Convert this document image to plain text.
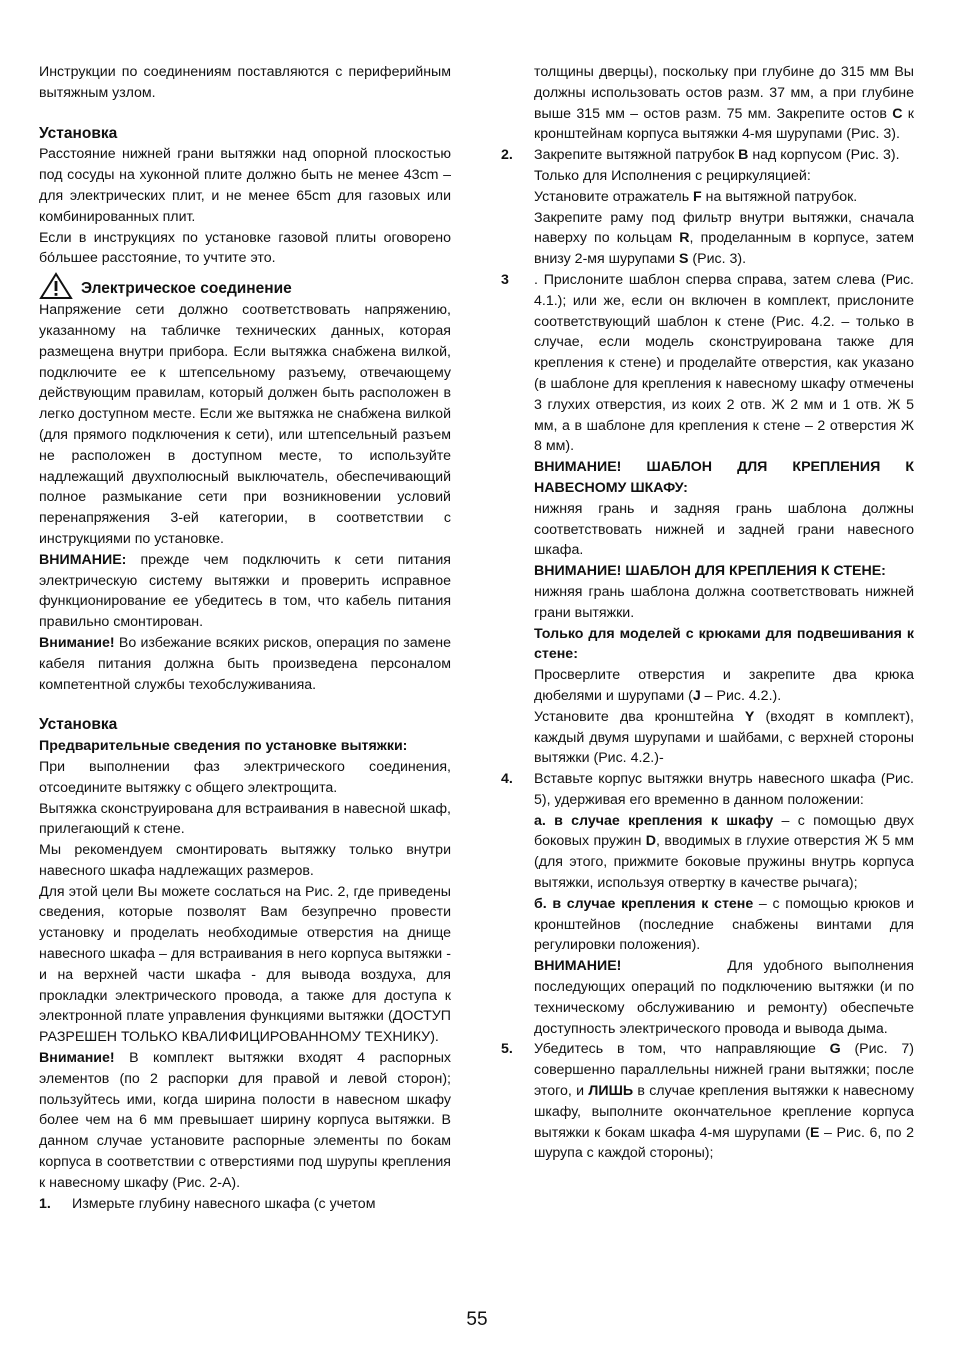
Инструкции по соединениям поставляются с периферийным вытяжным узлом.

Установка

Расстояние нижней грани вытяжки над опорной плоскостью под сосуды на хуконной плите должно быть не менее 43cm – для электрических плит, и не менее 65cm для газовых или комбинированных плит.

Если в инструкциях по установке газовой плиты оговорено бо́льшее расстояние, то учтите это.

Электрическое соединение

Напряжение сети должно соответствовать напряжению, указанному на табличке технических данных, которая размещена внутри прибора. Если вытяжка снабжена вилкой, подключите ее к штепсельному разъему, отвечающему действующим правилам, который должен быть расположен в легко доступном месте. Если же вытяжка не снабжена вилкой (для прямого подключения к сети), или штепсельный разъем не расположен в доступном месте, то используйте надлежащий двухполюсный выключатель, обеспечивающий полное размыкание сети при возникновении условий перенапряжения 3-ей категории, в соответствии с инструкциями по установке.

ВНИМАНИЕ: прежде чем подключить к сети питания электрическую систему вытяжки и проверить исправное функционирование ее убедитесь в том, что кабель питания правильно смонтирован.

Внимание! Во избежание всяких рисков, операция по замене кабеля питания должна быть произведена персоналом компетентной службы техобслуживанияа.

Установка

Предварительные сведения по установке вытяжки:

При выполнении фаз электрического соединения, отсоедините вытяжку с общего электрощита.

Вытяжка сконструирована для встраивания в навесной шкаф, прилегающий к стене.

Мы рекомендуем смонтировать вытяжку только внутри навесного шкафа надлежащих размеров.

Для этой цели Вы можете сослаться на Рис. 2, где приведены сведения, которые позволят Вам безупречно провести установку и проделать необходимые отверстия на днище навесного шкафа – для встраивания в него корпуса вытяжки - и на верхней части шкафа - для вывода воздуха, для прокладки электрического провода, а также для доступа к электронной плате управления функциями вытяжки (ДОСТУП РАЗРЕШЕН ТОЛЬКО КВАЛИФИЦИРОВАННОМУ ТЕХНИКУ).

Внимание! В комплект вытяжки входят 4 распорных элементов (по 2 распорки для правой и левой сторон); пользуйтесь ими, когда ширина полости в навесном шкафу более чем на 6 мм превышает ширину корпуса вытяжки. В данном случае установите распорные элементы по бокам корпуса в соответствии с отверстиями под шурупы крепления к навесному шкафу (Рис. 2-А).

1. Измерьте глубину навесного шкафа (с учетом

толщины дверцы), поскольку при глубине до 315 мм Вы должны использовать остов разм. 37 мм, а при глубине выше 315 мм – остов разм. 75 мм. Закрепите остов C к кронштейнам корпуса вытяжки 4-мя шурупами (Рис. 3).

2. Закрепите вытяжной патрубок B над корпусом (Рис. 3).

Только для Исполнения с рециркуляцией:

Установите отражатель F на вытяжной патрубок.

Закрепите раму под фильтр внутри вытяжки, сначала наверху по кольцам R, проделанным в корпусе, затем внизу 2-мя шурупами S (Рис. 3).

3 . Прислоните шаблон сперва справа, затем слева (Рис. 4.1.); или же, если он включен в комплект, прислоните соответствующий шаблон к стене (Рис. 4.2. – только в случае, если модель сконструирована также для крепления к стене) и проделайте отверстия, как указано (в шаблоне для крепления к навесному шкафу отмечены 3 глухих отверстия, из коих 2 отв. Ж 2 мм и 1 отв. Ж 5 мм, а в шаблоне для крепления к стене – 2 отверстия Ж 8 мм).

ВНИМАНИЕ! ШАБЛОН ДЛЯ КРЕПЛЕНИЯ К НАВЕСНОМУ ШКАФУ:

нижняя грань и задняя грань шаблона должны соответствовать нижней и задней грани навесного шкафа.

ВНИМАНИЕ! ШАБЛОН ДЛЯ КРЕПЛЕНИЯ К СТЕНЕ:

нижняя грань шаблона должна соответствовать нижней грани вытяжки.

Только для моделей с крюками для подвешивания к стене:

Просверлите отверстия и закрепите два крюка дюбелями и шурупами (J – Рис. 4.2.).

Установите два кронштейна Y (входят в комплект), каждый двумя шурупами и шайбами, с верхней стороны вытяжки (Рис. 4.2.)-

4. Вставьте корпус вытяжки внутрь навесного шкафа (Рис. 5), удерживая его временно в данном положении:

а. в случае крепления к шкафу – с помощью двух боковых пружин D, вводимых в глухие отверстия Ж 5 мм (для этого, прижмите боковые пружины внутрь корпуса вытяжки, используя отвертку в качестве рычага);

б. в случае крепления к стене – с помощью крюков и кронштейнов (последние снабжены винтами для регулировки положения).

ВНИМАНИЕ!          Для удобного выполнения последующих операций по подключению вытяжки (и по техническому обслуживанию и ремонту) обеспечьте доступность электрического провода и вывода дыма.

5. Убедитесь в том, что направляющие G (Рис. 7) совершенно параллельны нижней грани вытяжки; после этого, и ЛИШЬ в случае крепления вытяжки к навесному шкафу, выполните окончательное крепление корпуса вытяжки к бокам шкафа 4-мя шурупами (E – Рис. 6, по 2 шурупа с каждой стороны);

55
